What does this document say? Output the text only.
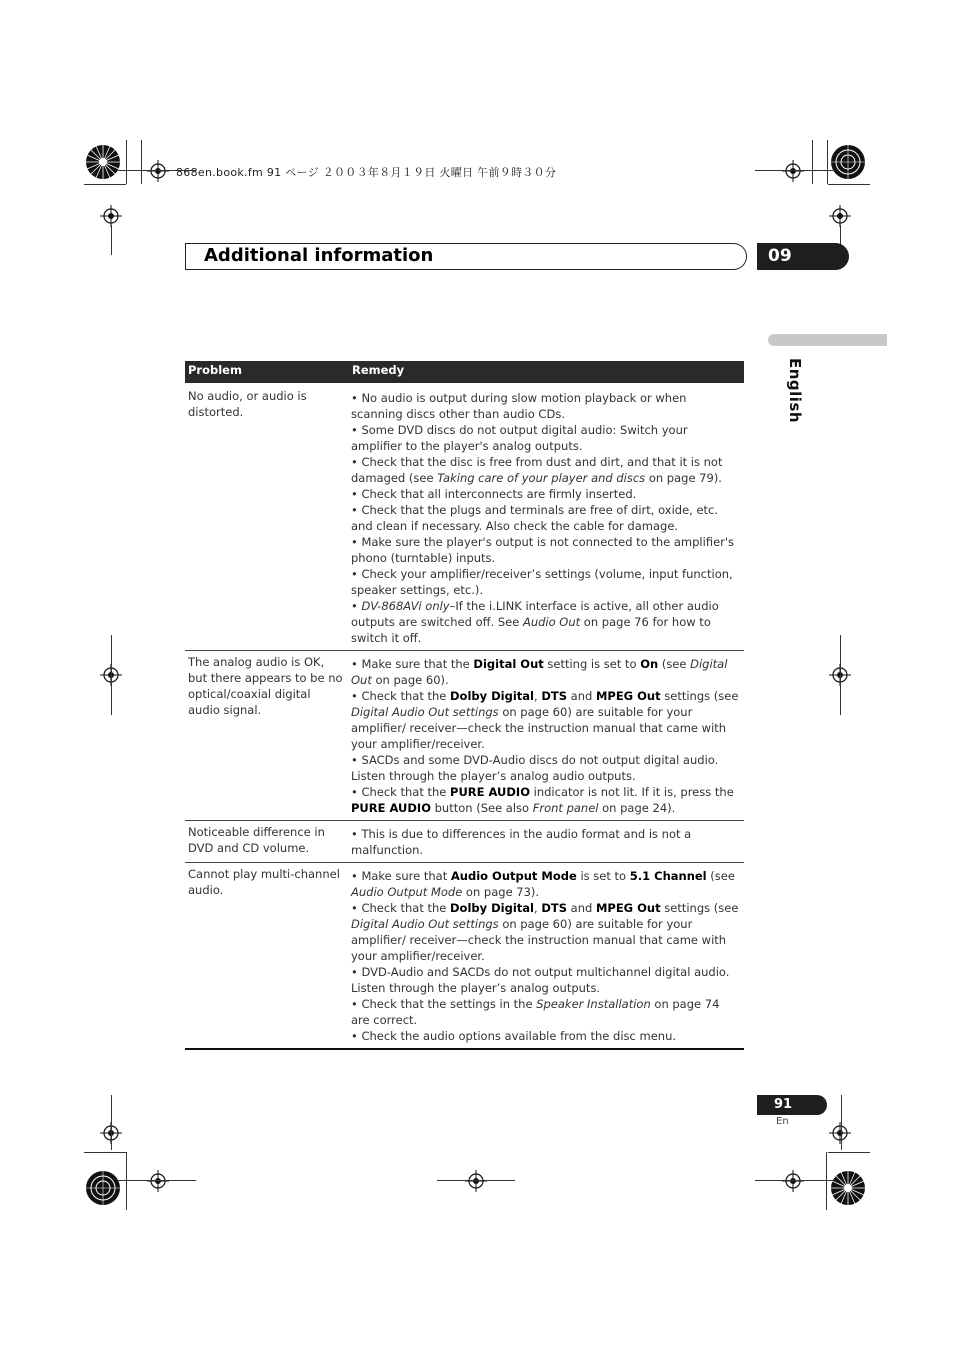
868en.book.fm 91 ページ ２００３年８月１９日 火曜日 午前９時３０分
Additional information	09
English
Problem	Remedy
No audio, or audio is distorted.

• No audio is output during slow motion playback or when scanning discs other than audio CDs.

• Some DVD discs do not output digital audio: Switch your amplifier to the player's analog outputs.

• Check that the disc is free from dust and dirt, and that it is not damaged (see Taking care of your player and discs on page 79).

• Check that all interconnects are firmly inserted.

• Check that the plugs and terminals are free of dirt, oxide, etc. and clean if necessary. Also check the cable for damage.

• Make sure the player's output is not connected to the amplifier's phono (turntable) inputs.

• Check your amplifier/receiver’s settings (volume, input function, speaker settings, etc.).

• DV-868AVi only–If the i.LINK interface is active, all other audio outputs are switched off. See Audio Out on page 76 for how to switch it off.

The analog audio is OK, but there appears to be no optical/coaxial digital audio signal.

• Make sure that the Digital Out setting is set to On (see Digital Out on page 60).

• Check that the Dolby Digital, DTS and MPEG Out settings (see Digital Audio Out settings on page 60) are suitable for your amplifier/ receiver—check the instruction manual that came with your amplifier/receiver.

• SACDs and some DVD-Audio discs do not output digital audio. Listen through the player’s analog audio outputs.

• Check that the PURE AUDIO indicator is not lit. If it is, press the PURE AUDIO button (See also Front panel on page 24).

Noticeable difference in DVD and CD volume.

• This is due to differences in the audio format and is not a malfunction.

Cannot play multi-channel audio.

• Make sure that Audio Output Mode is set to 5.1 Channel (see Audio Output Mode on page 73).

• Check that the Dolby Digital, DTS and MPEG Out settings (see Digital Audio Out settings on page 60) are suitable for your amplifier/ receiver—check the instruction manual that came with your amplifier/receiver.

• DVD-Audio and SACDs do not output multichannel digital audio. Listen through the player’s analog outputs.

• Check that the settings in the Speaker Installation on page 74 are correct.

• Check the audio options available from the disc menu.

91
En
